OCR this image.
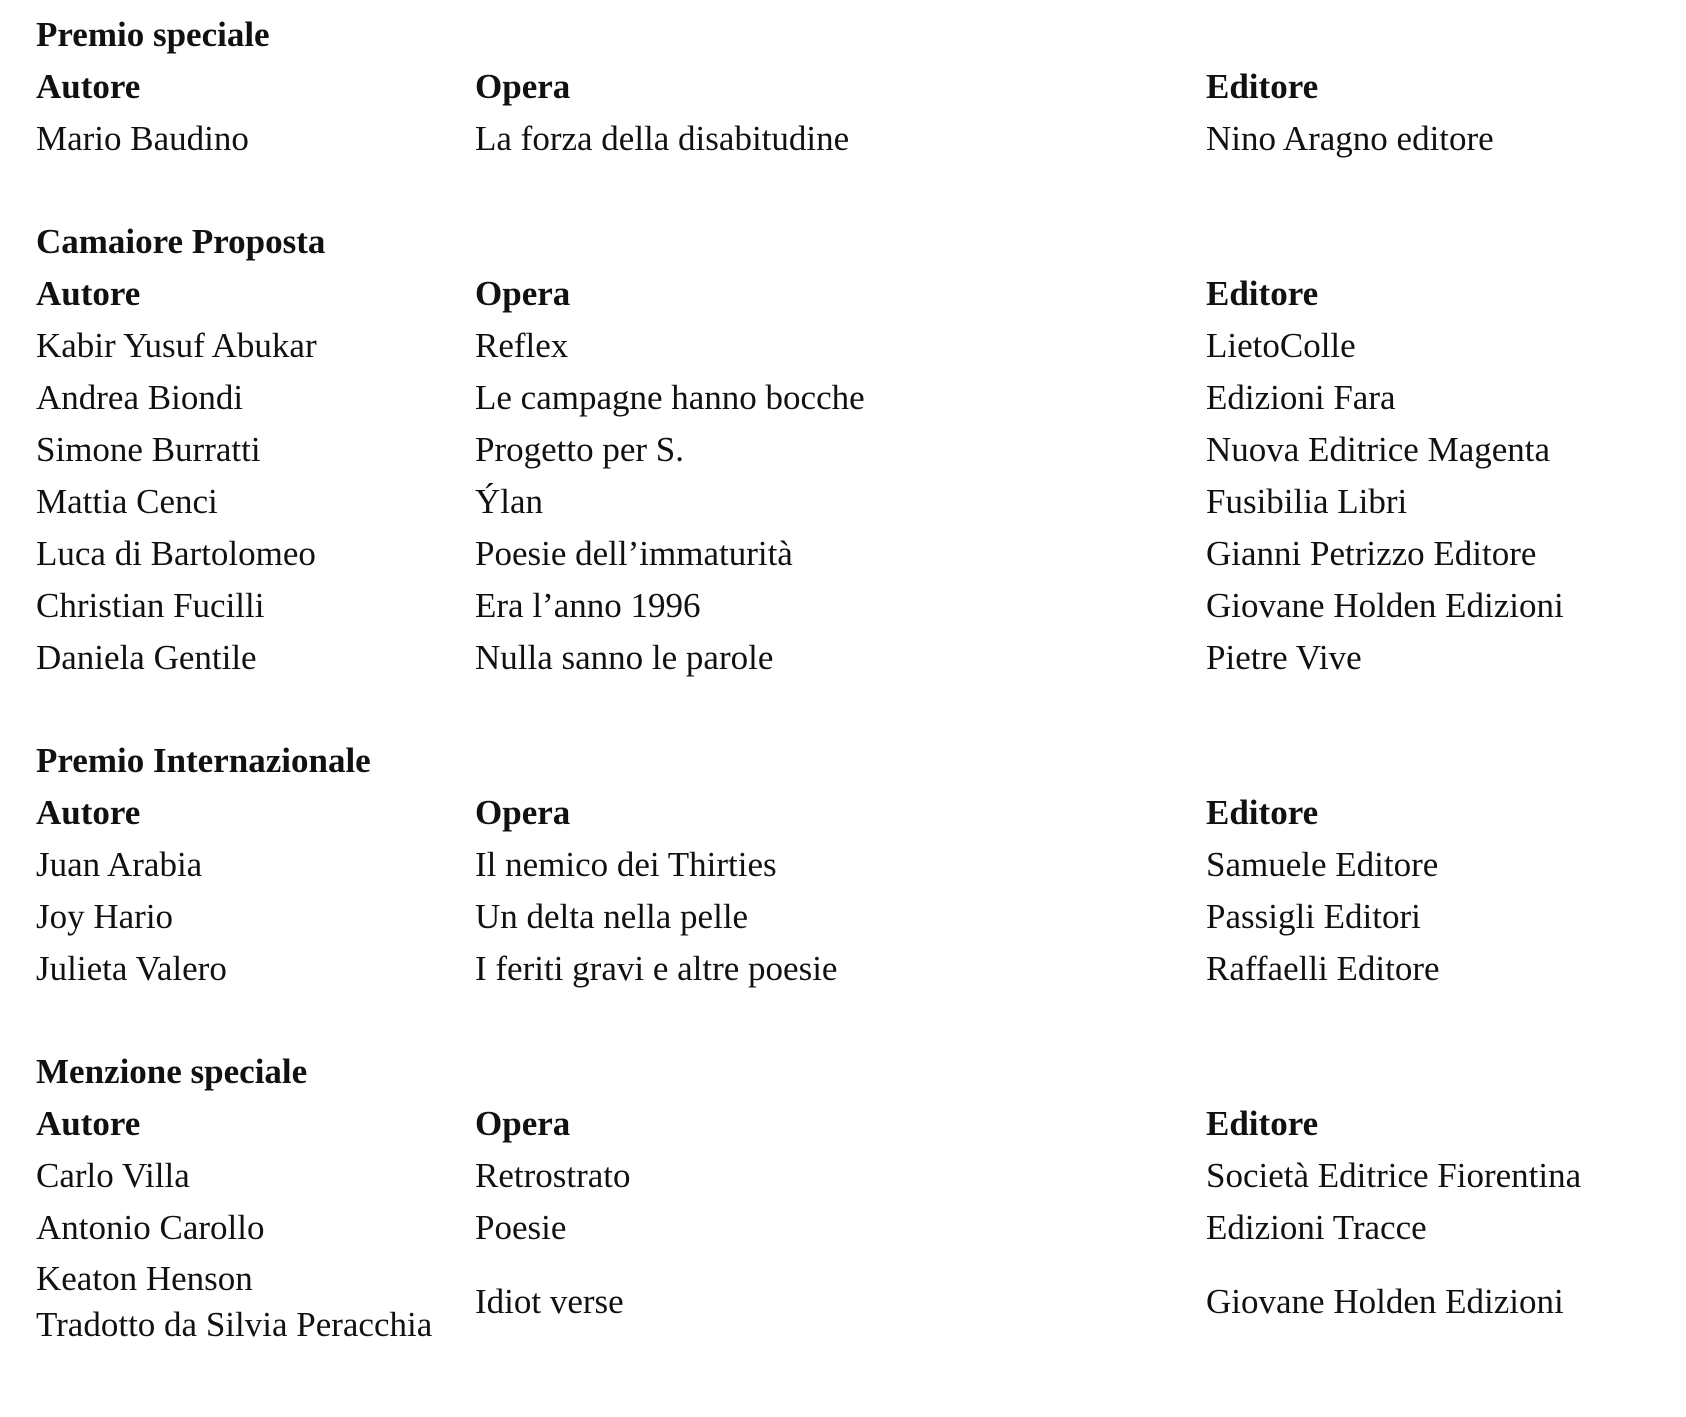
Premio speciale
Autore	Opera	Editore
Mario Baudino	La forza della disabitudine	Nino Aragno editore
Camaiore Proposta
Autore	Opera	Editore
Kabir Yusuf Abukar	Reflex	LietoColle
Andrea Biondi	Le campagne hanno bocche	Edizioni Fara
Simone Burratti	Progetto per S.	Nuova Editrice Magenta
Mattia Cenci	Ýlan	Fusibilia Libri
Luca di Bartolomeo	Poesie dell’immaturità	Gianni Petrizzo Editore
Christian Fucilli	Era l’anno 1996	Giovane Holden Edizioni
Daniela Gentile	Nulla sanno le parole	Pietre Vive
Premio Internazionale
Autore	Opera	Editore
Juan Arabia	Il nemico dei Thirties	Samuele Editore
Joy Hario	Un delta nella pelle	Passigli Editori
Julieta Valero	I feriti gravi e altre poesie	Raffaelli Editore
Menzione speciale
Autore	Opera	Editore
Carlo Villa	Retrostrato	Società Editrice Fiorentina
Antonio Carollo	Poesie	Edizioni Tracce

Keaton Henson
Tradotto da Silvia Peracchia	Idiot verse	Giovane Holden Edizioni
